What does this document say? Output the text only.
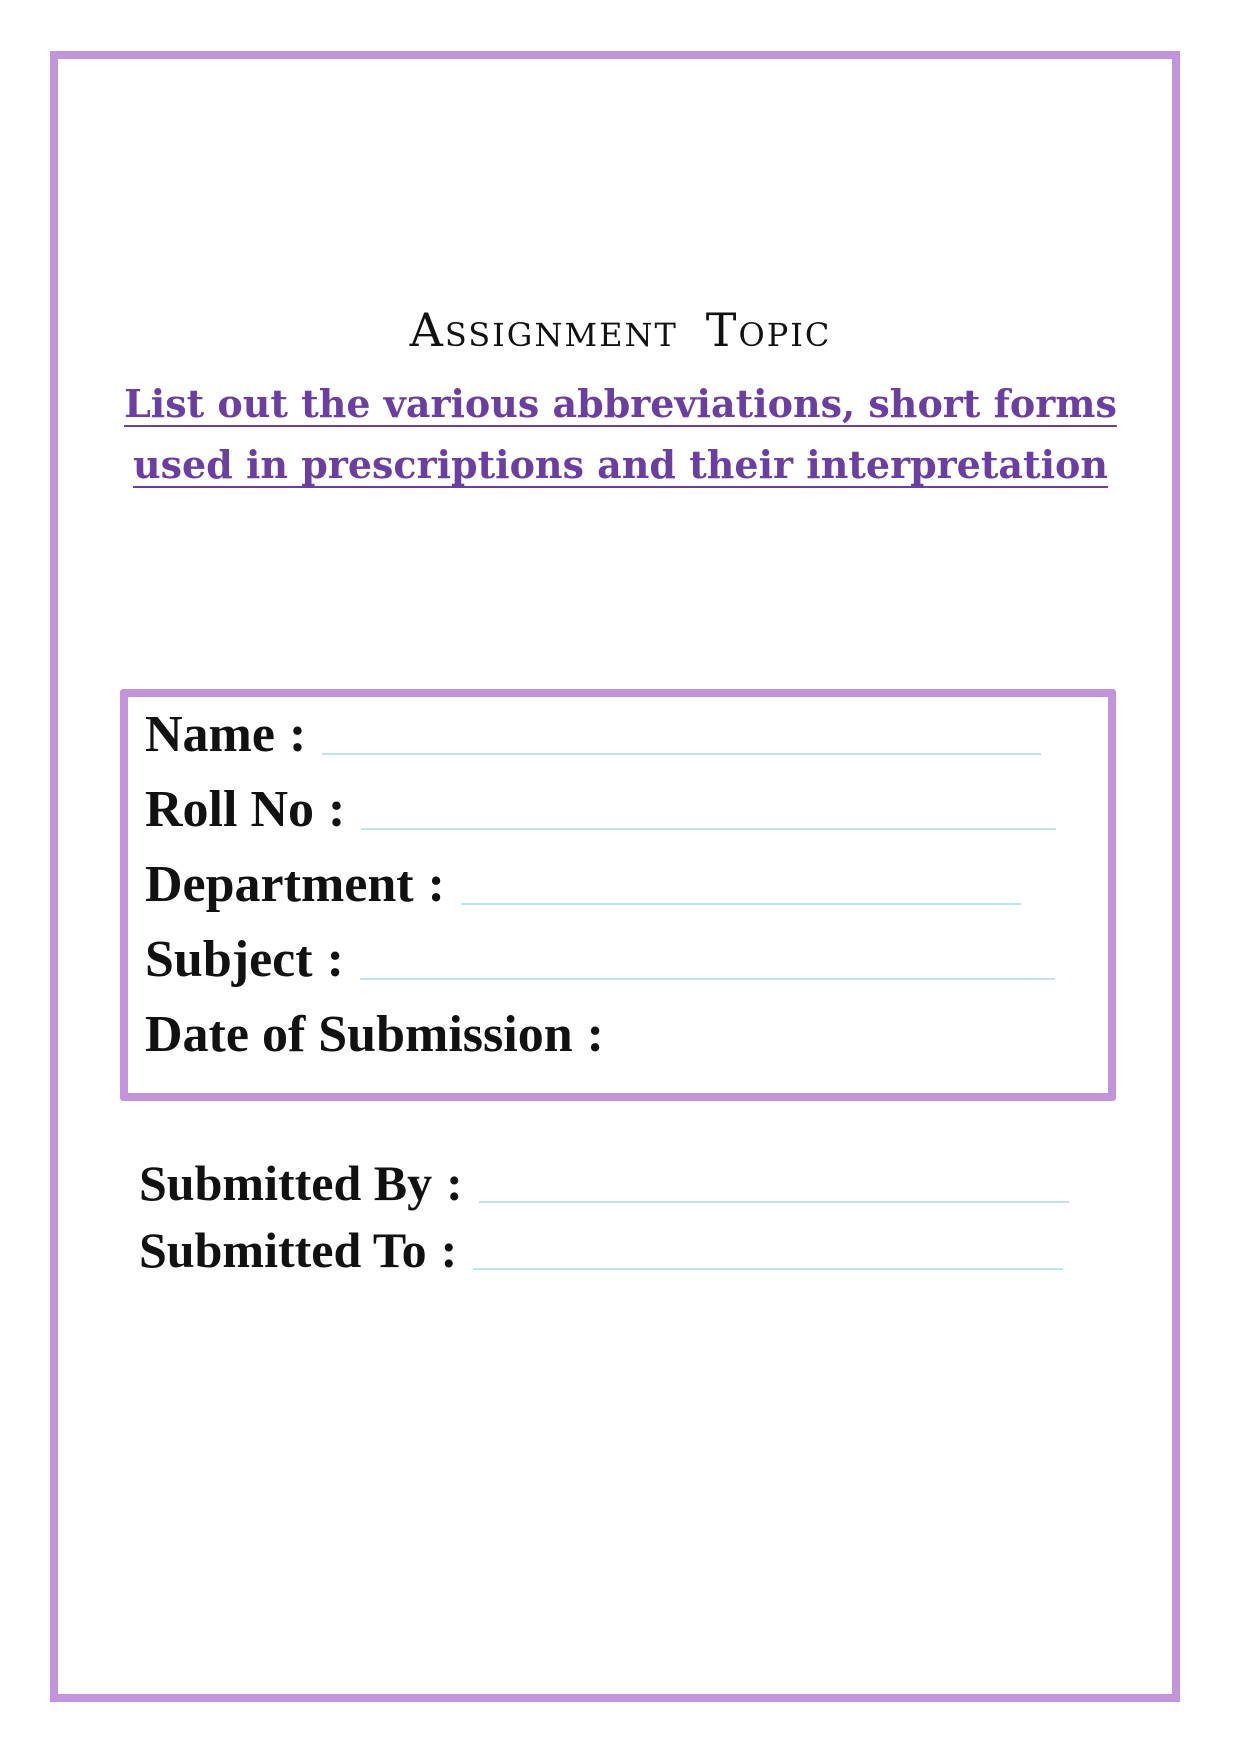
Assignment Topic
List out the various abbreviations, short forms
used in prescriptions and their interpretation
Name :
Roll No :
Department :
Subject :
Date of Submission :
Submitted By :
Submitted To :
